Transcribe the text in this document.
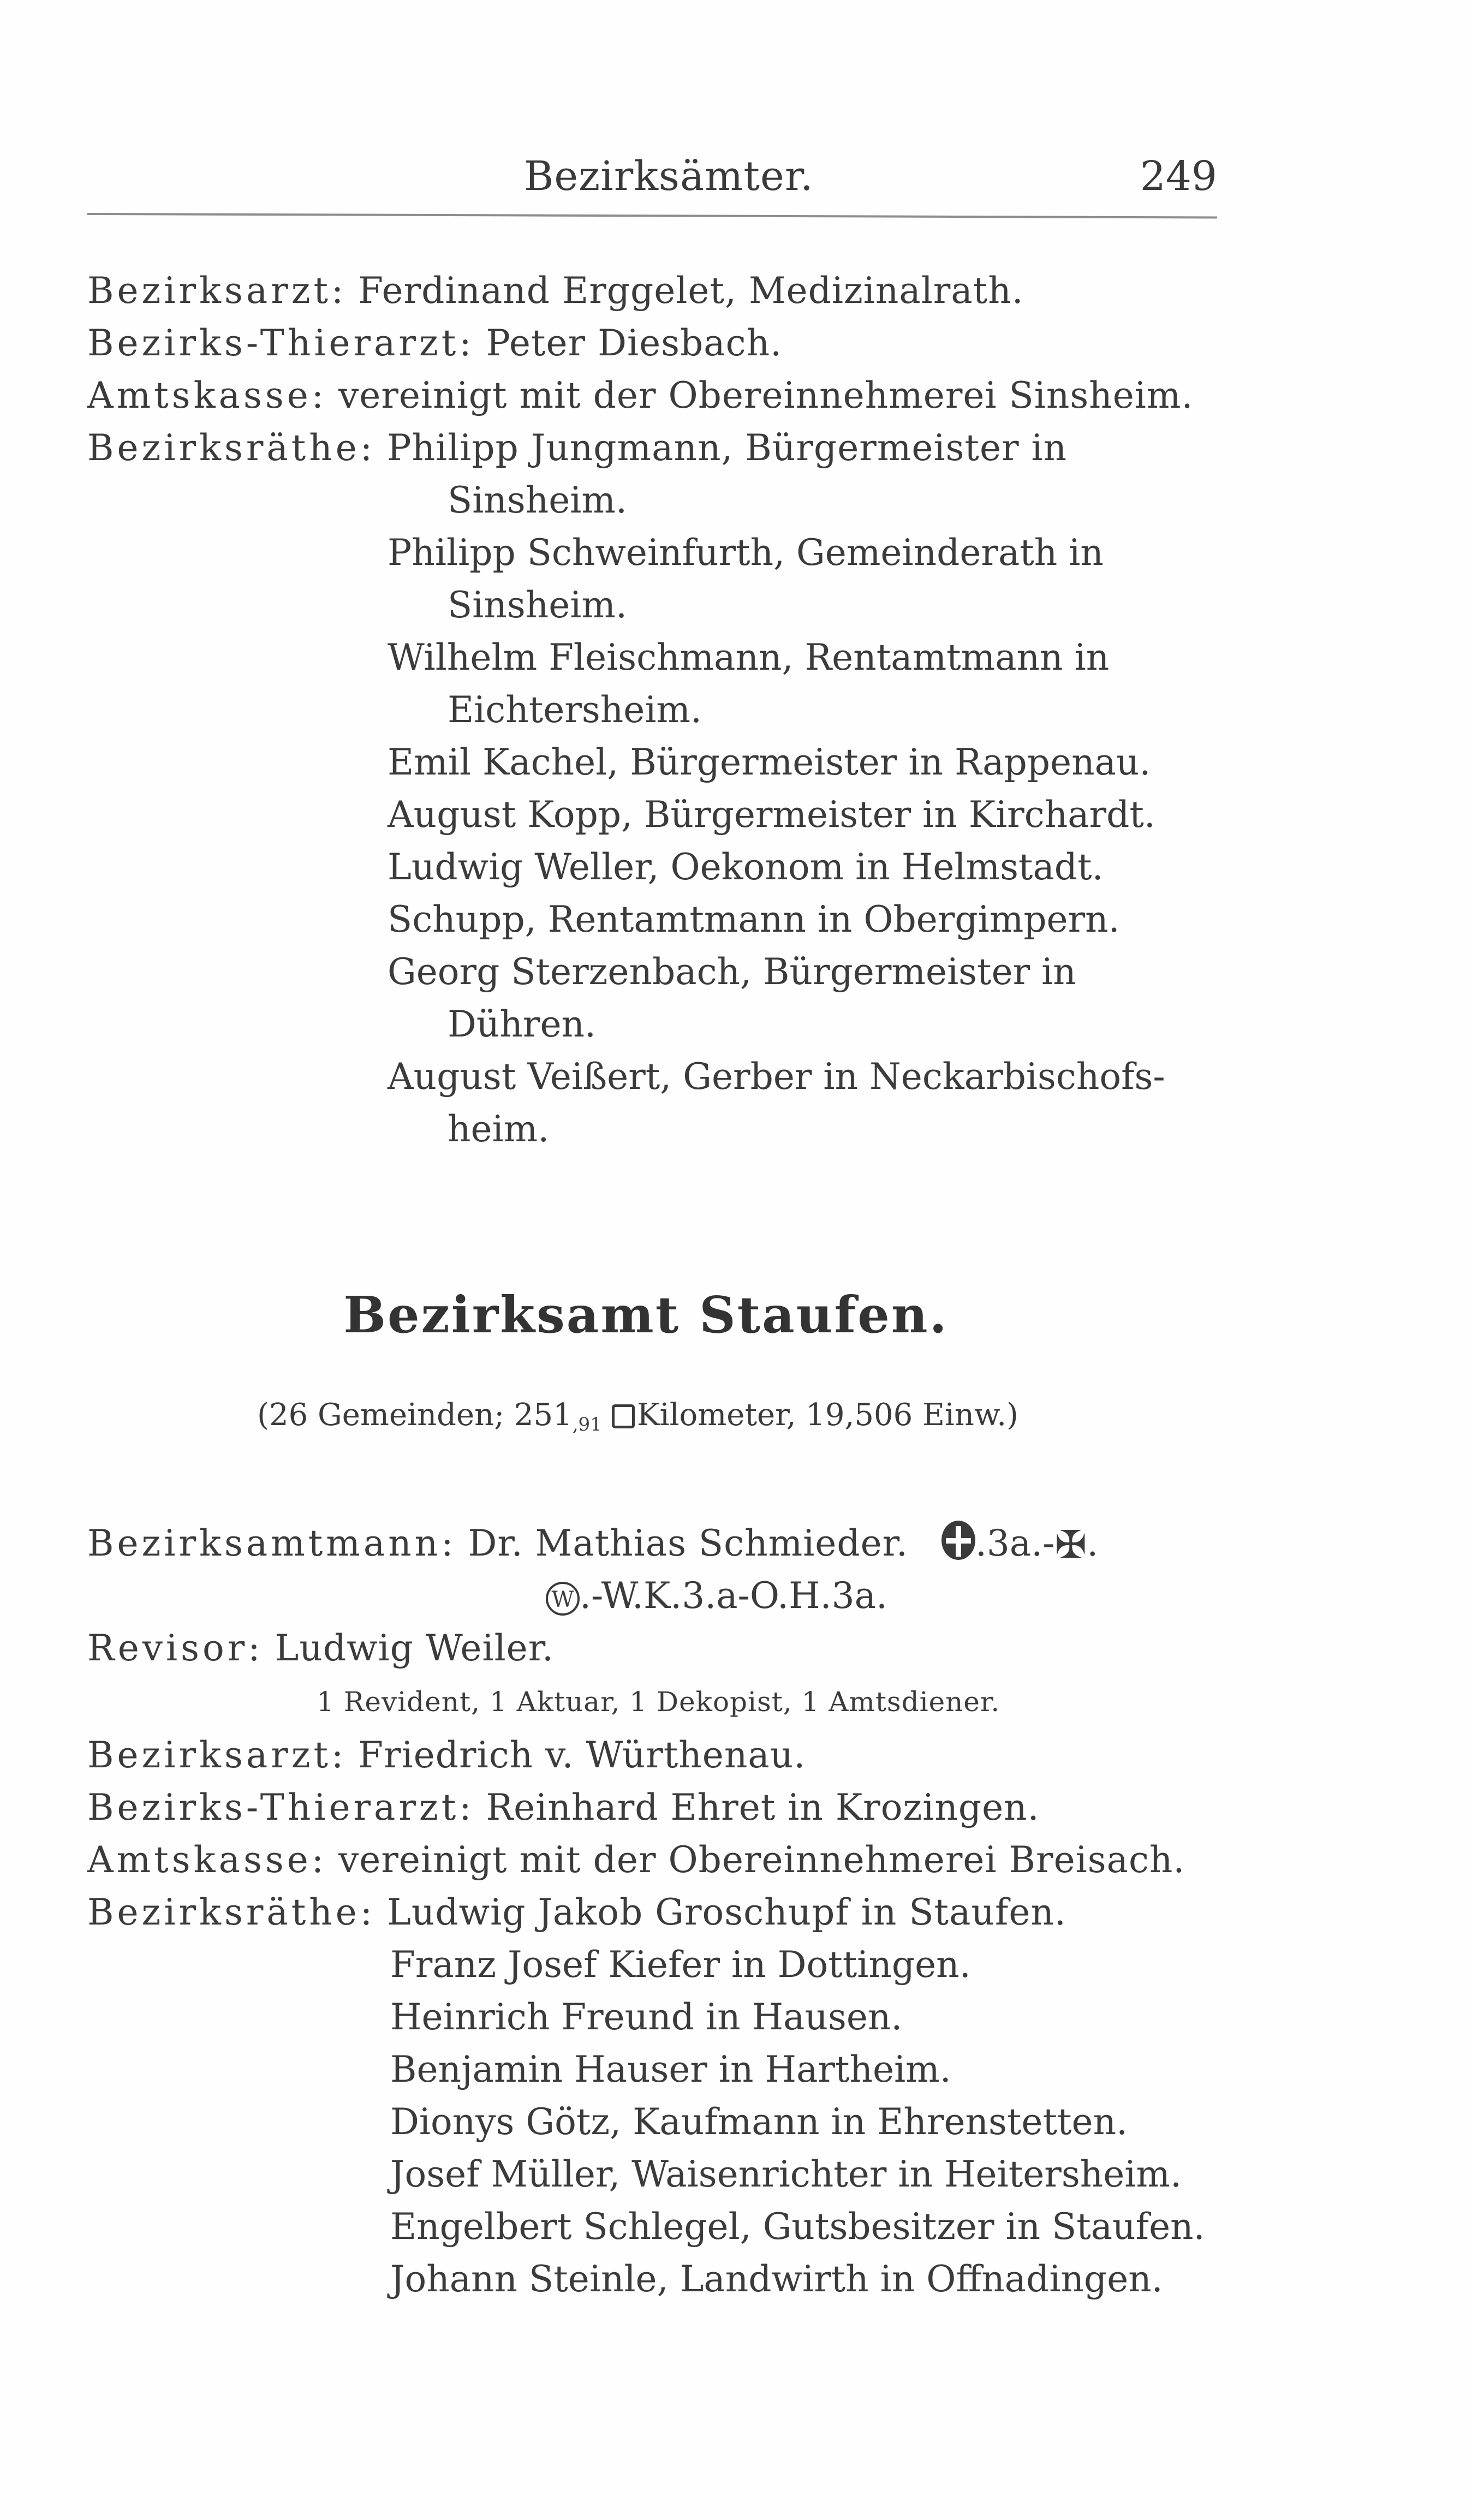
Bezirksämter.	249
Bezirksarzt: Ferdinand Erggelet, Medizinalrath.
Bezirks-Thierarzt: Peter Diesbach.
Amtskasse: vereinigt mit der Obereinnehmerei Sinsheim.
Bezirksräthe: Philipp Jungmann, Bürgermeister in
Sinsheim.
Philipp Schweinfurth, Gemeinderath in
Sinsheim.
Wilhelm Fleischmann, Rentamtmann in
Eichtersheim.
Emil Kachel, Bürgermeister in Rappenau.
August Kopp, Bürgermeister in Kirchardt.
Ludwig Weller, Oekonom in Helmstadt.
Schupp, Rentamtmann in Obergimpern.
Georg Sterzenbach, Bürgermeister in
Dühren.
August Veißert, Gerber in Neckarbischofs-
heim.
Bezirksamt Staufen.
(26 Gemeinden; $251_{,91}$ Kilometer, 19,506 Einw.)
Bezirksamtmann: Dr. Mathias Schmieder. .3a.-✠.
W .-W.K.3.a-O.H.3a.
Revisor: Ludwig Weiler.
1 Revident, 1 Aktuar, 1 Dekopist, 1 Amtsdiener.
Bezirksarzt: Friedrich v. Würthenau.
Bezirks-Thierarzt: Reinhard Ehret in Krozingen.
Amtskasse: vereinigt mit der Obereinnehmerei Breisach.
Bezirksräthe: Ludwig Jakob Groschupf in Staufen.
Franz Josef Kiefer in Dottingen.
Heinrich Freund in Hausen.
Benjamin Hauser in Hartheim.
Dionys Götz, Kaufmann in Ehrenstetten.
Josef Müller, Waisenrichter in Heitersheim.
Engelbert Schlegel, Gutsbesitzer in Staufen.
Johann Steinle, Landwirth in Offnadingen.
